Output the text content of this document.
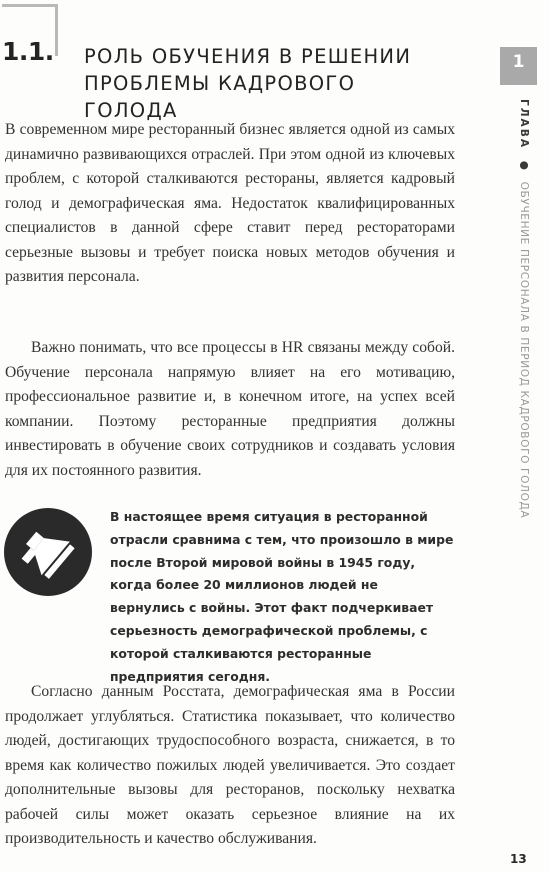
1.1. РОЛЬ ОБУЧЕНИЯ В РЕШЕНИИ ПРОБЛЕМЫ КАДРОВОГО ГОЛОДА

В современном мире ресторанный бизнес является одной из самых динамично развивающихся отраслей. При этом одной из ключевых проблем, с которой сталкиваются рестораны, является кадровый голод и демографическая яма. Недостаток квалифицированных специалистов в данной сфере ставит перед рестораторами серьезные вызовы и требует поиска новых методов обучения и развития персонала.

Важно понимать, что все процессы в HR связаны между собой. Обучение персонала напрямую влияет на его мотивацию, профессиональное развитие и, в конечном итоге, на успех всей компании. Поэтому ресторанные предприятия должны инвестировать в обучение своих сотрудников и создавать условия для их постоянного развития.

В настоящее время ситуация в ресторанной отрасли сравнима с тем, что произошло в мире после Второй мировой войны в 1945 году, когда более 20 миллионов людей не вернулись с войны. Этот факт подчеркивает серьезность демографической проблемы, с которой сталкиваются ресторанные предприятия сегодня.

Согласно данным Росстата, демографическая яма в России продолжает углубляться. Статистика показывает, что количество людей, достигающих трудоспособного возраста, снижается, в то время как количество пожилых людей увеличивается. Это создает дополнительные вызовы для ресторанов, поскольку нехватка рабочей силы может оказать серьезное влияние на их производительность и качество обслуживания.

1
ГЛАВА ● ОБУЧЕНИЕ ПЕРСОНАЛА В ПЕРИОД КАДРОВОГО ГОЛОДА
13
